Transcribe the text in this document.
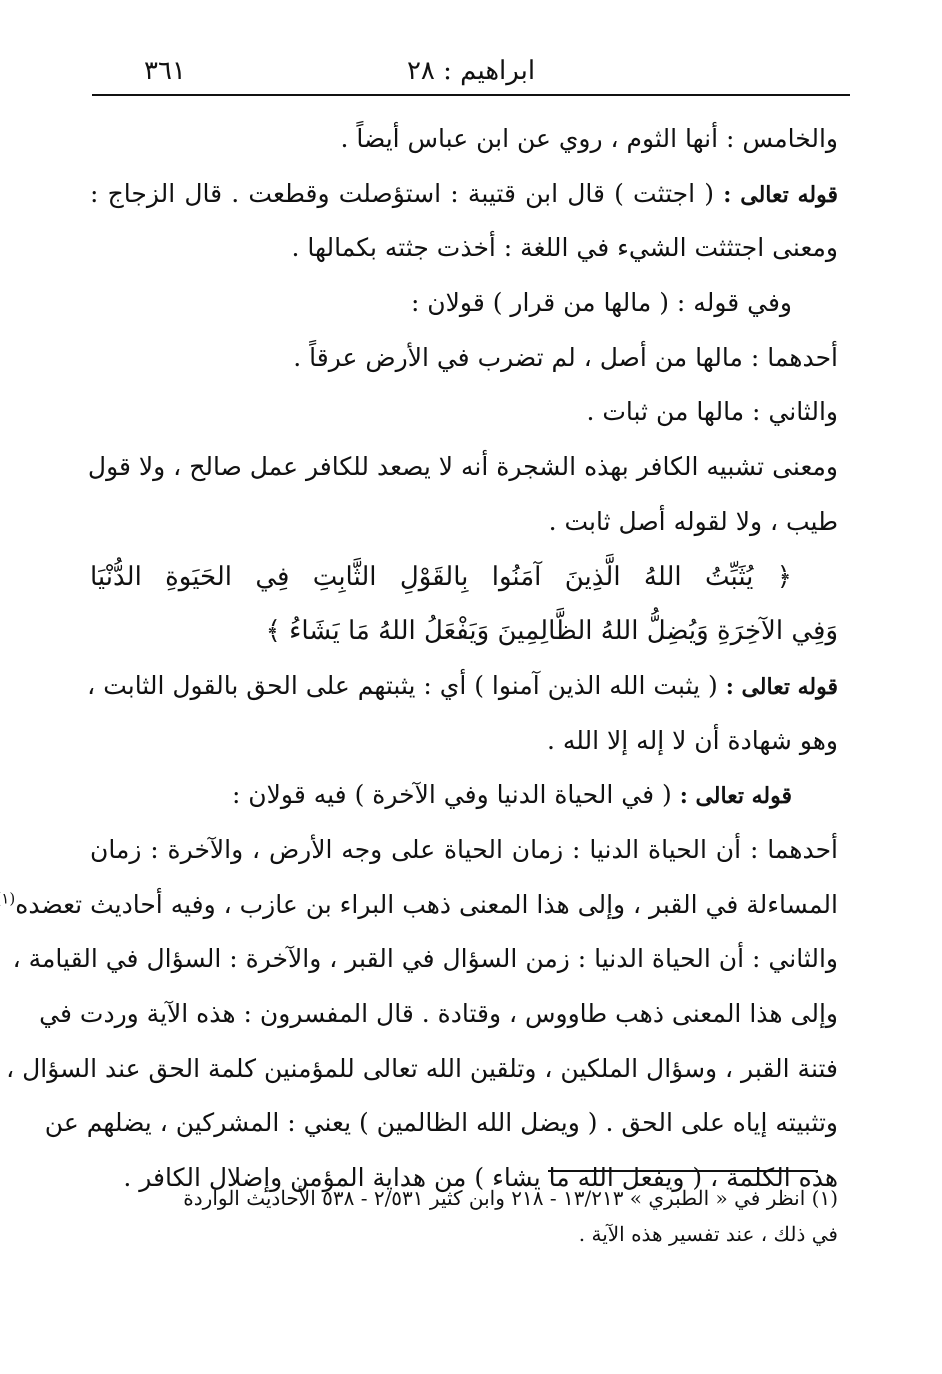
ابراهيم : ٢٨
٣٦١
والخامس : أنها الثوم ، روي عن ابن عباس أيضاً .
قوله تعالى : ( اجتثت ) قال ابن قتيبة : استؤصلت وقطعت . قال الزجاج :
ومعنى اجتثثت الشيء في اللغة : أخذت جثته بكمالها .
وفي قوله : ( مالها من قرار ) قولان :
أحدهما : مالها من أصل ، لم تضرب في الأرض عرقاً .
والثاني : مالها من ثبات .
ومعنى تشبيه الكافر بهذه الشجرة أنه لا يصعد للكافر عمل صالح ، ولا قول
طيب ، ولا لقوله أصل ثابت .
﴿ يُثَبِّتُ اللهُ الَّذِينَ آمَنُوا بِالقَوْلِ الثَّابِتِ فِي الحَيَوةِ الدُّنْيَا
وَفِي الآخِرَةِ وَيُضِلُّ اللهُ الظَّالِمِينَ وَيَفْعَلُ اللهُ مَا يَشَاءُ ﴾
قوله تعالى : ( يثبت الله الذين آمنوا ) أي : يثبتهم على الحق بالقول الثابت ،
وهو شهادة أن لا إله إلا الله .
قوله تعالى : ( في الحياة الدنيا وفي الآخرة ) فيه قولان :
أحدهما : أن الحياة الدنيا : زمان الحياة على وجه الأرض ، والآخرة : زمان
المساءلة في القبر ، وإلى هذا المعنى ذهب البراء بن عازب ، وفيه أحاديث تعضده$^{(١}$
والثاني : أن الحياة الدنيا : زمن السؤال في القبر ، والآخرة : السؤال في القيامة ،
وإلى هذا المعنى ذهب طاووس ، وقتادة . قال المفسرون : هذه الآية وردت في
فتنة القبر ، وسؤال الملكين ، وتلقين الله تعالى للمؤمنين كلمة الحق عند السؤال ،
وتثبيته إياه على الحق . ( ويضل الله الظالمين ) يعني : المشركين ، يضلهم عن
هذه الكلمة ، ( ويفعل الله ما يشاء ) من هداية المؤمن وإضلال الكافر .
(١) انظر في « الطبري » ١٣/٢١٣ - ٢١٨ وابن كثير ٢/٥٣١ - ٥٣٨ الأحاديث الواردة
في ذلك ، عند تفسير هذه الآية .
